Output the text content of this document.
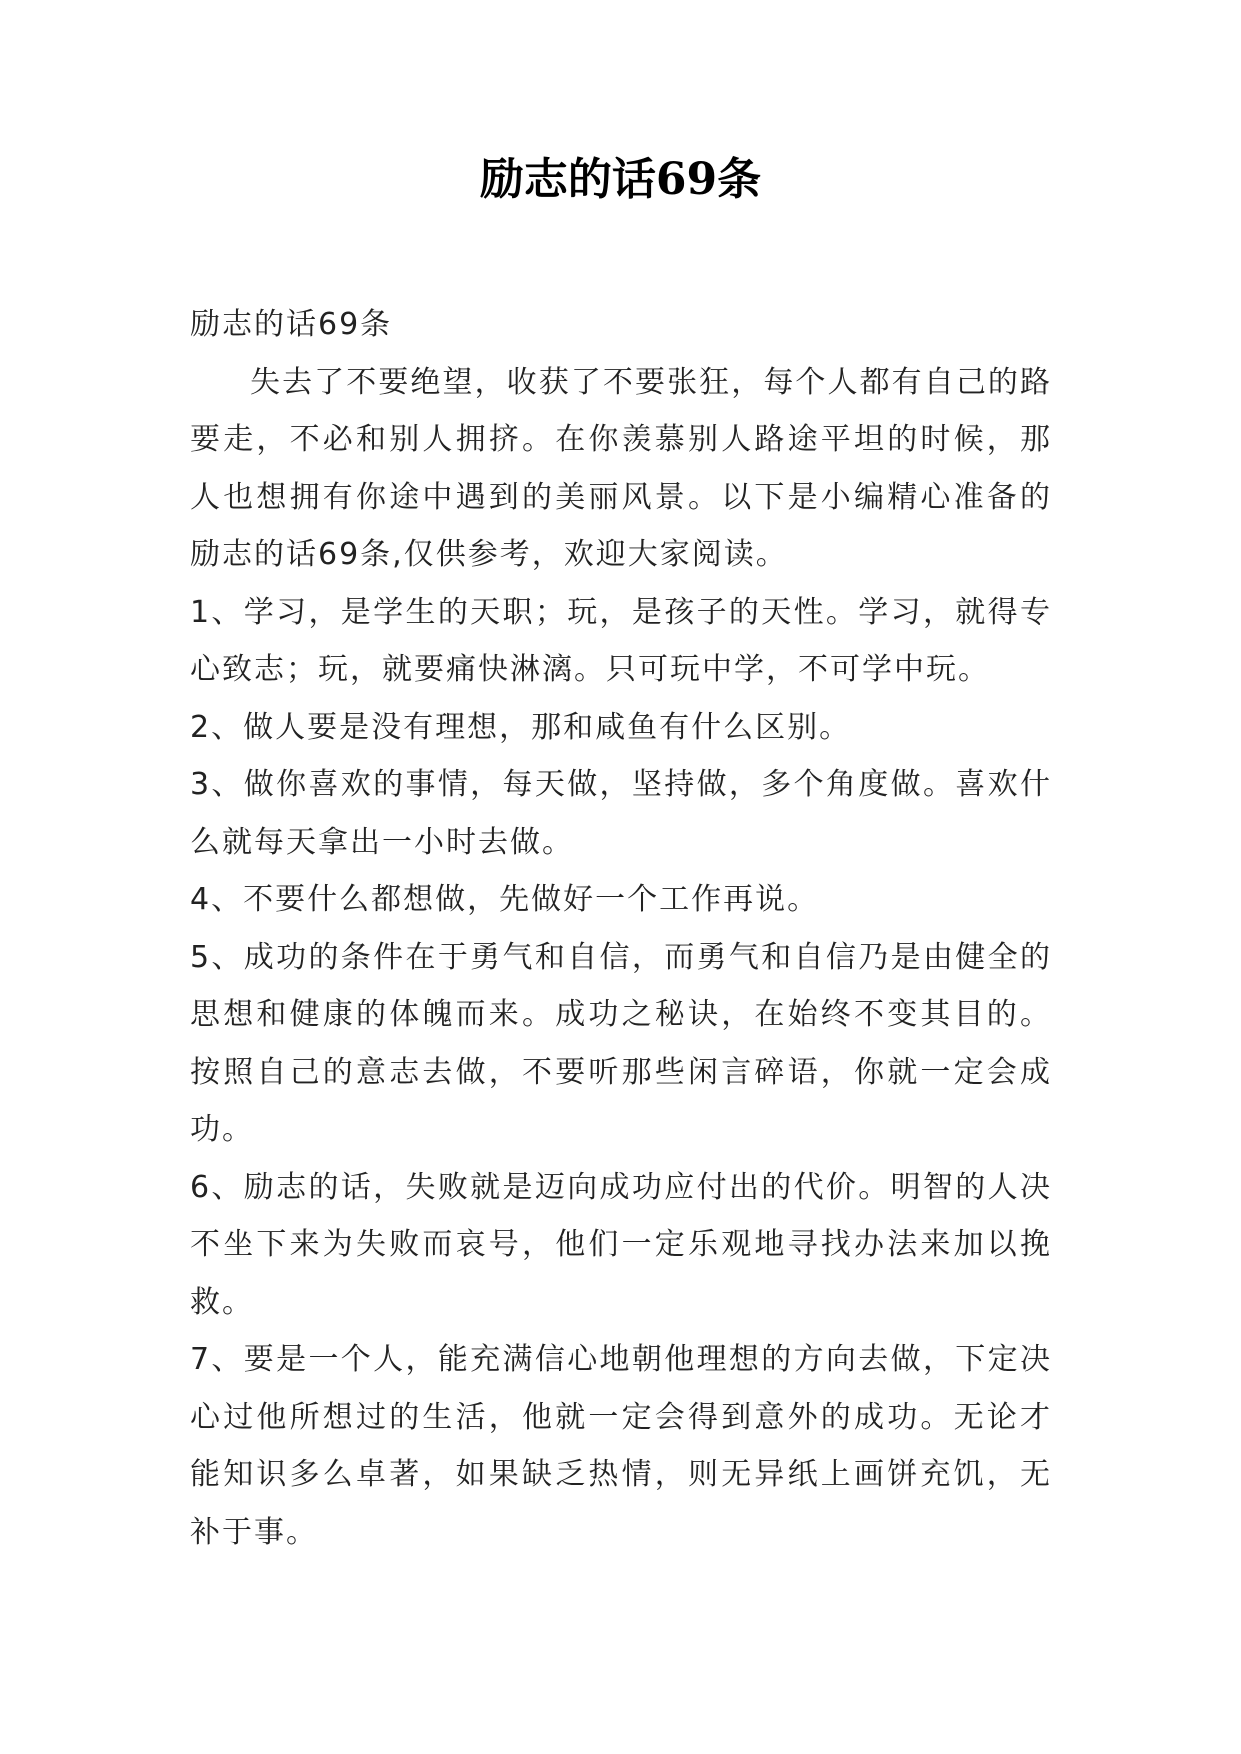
励志的话69条

励志的话69条

失去了不要绝望，收获了不要张狂，每个人都有自己的路要走，不必和别人拥挤。在你羡慕别人路途平坦的时候，那人也想拥有你途中遇到的美丽风景。以下是小编精心准备的励志的话69条,仅供参考，欢迎大家阅读。

1、学习，是学生的天职；玩，是孩子的天性。学习，就得专心致志；玩，就要痛快淋漓。只可玩中学，不可学中玩。

2、做人要是没有理想，那和咸鱼有什么区别。

3、做你喜欢的事情，每天做，坚持做，多个角度做。喜欢什么就每天拿出一小时去做。

4、不要什么都想做，先做好一个工作再说。

5、成功的条件在于勇气和自信，而勇气和自信乃是由健全的思想和健康的体魄而来。成功之秘诀，在始终不变其目的。按照自己的意志去做，不要听那些闲言碎语，你就一定会成功。

6、励志的话，失败就是迈向成功应付出的代价。明智的人决不坐下来为失败而哀号，他们一定乐观地寻找办法来加以挽救。

7、要是一个人，能充满信心地朝他理想的方向去做，下定决心过他所想过的生活，他就一定会得到意外的成功。无论才能知识多么卓著，如果缺乏热情，则无异纸上画饼充饥，无补于事。
